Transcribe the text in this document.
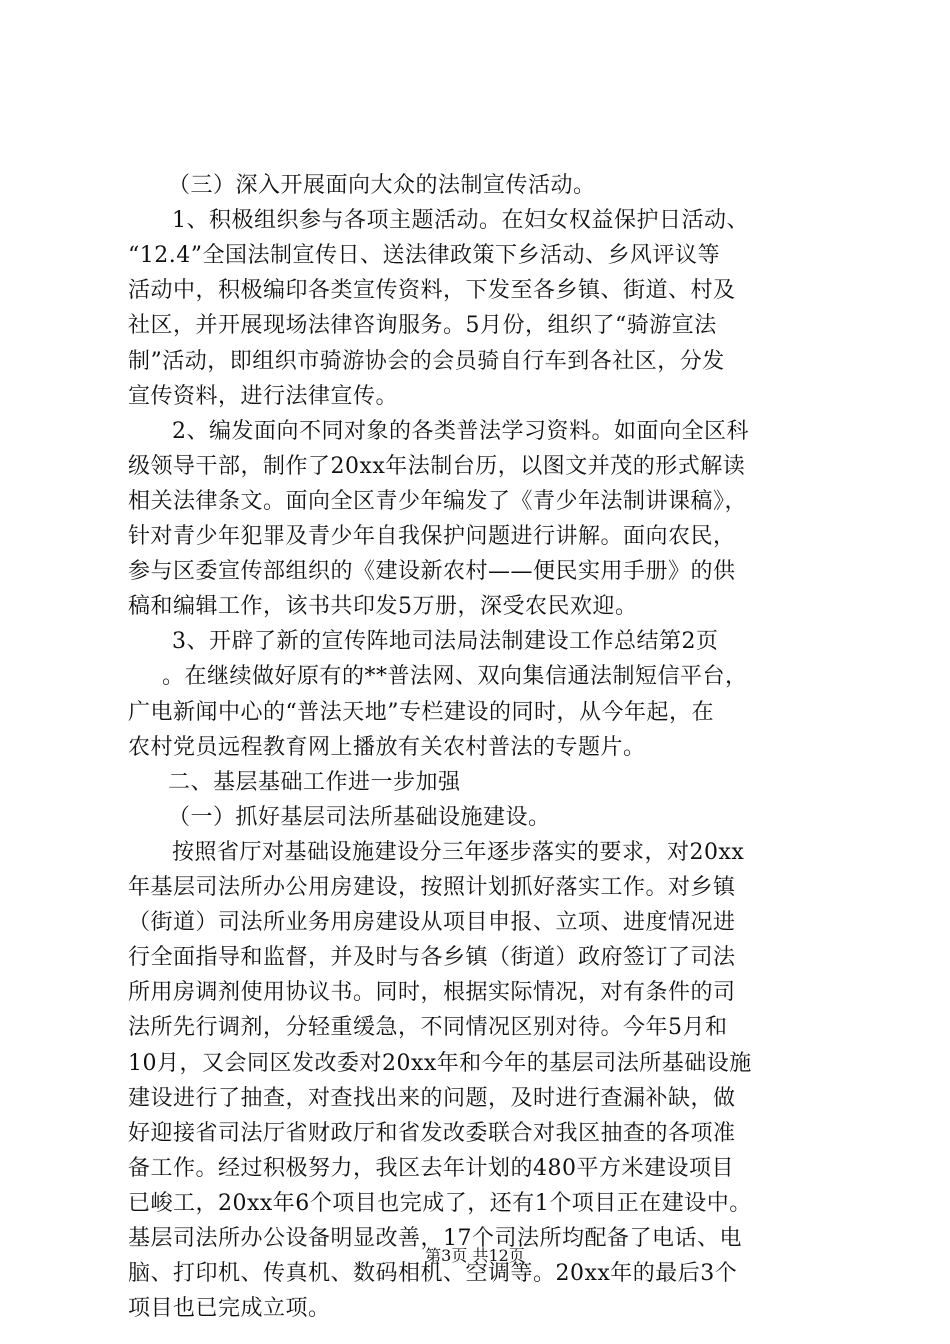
（三）深入开展面向大众的法制宣传活动。
1、积极组织参与各项主题活动。在妇女权益保护日活动、
“12.4”全国法制宣传日、送法律政策下乡活动、乡风评议等
活动中，积极编印各类宣传资料，下发至各乡镇、街道、村及
社区，并开展现场法律咨询服务。5月份，组织了“骑游宣法
制”活动，即组织市骑游协会的会员骑自行车到各社区，分发
宣传资料，进行法律宣传。
2、编发面向不同对象的各类普法学习资料。如面向全区科
级领导干部，制作了20xx年法制台历，以图文并茂的形式解读
相关法律条文。面向全区青少年编发了《青少年法制讲课稿》，
针对青少年犯罪及青少年自我保护问题进行讲解。面向农民，
参与区委宣传部组织的《建设新农村——便民实用手册》的供
稿和编辑工作，该书共印发5万册，深受农民欢迎。
3、开辟了新的宣传阵地司法局法制建设工作总结第2页
。在继续做好原有的**普法网、双向集信通法制短信平台，
广电新闻中心的“普法天地”专栏建设的同时，从今年起，在
农村党员远程教育网上播放有关农村普法的专题片。
二、基层基础工作进一步加强
（一）抓好基层司法所基础设施建设。
按照省厅对基础设施建设分三年逐步落实的要求，对20xx
年基层司法所办公用房建设，按照计划抓好落实工作。对乡镇
（街道）司法所业务用房建设从项目申报、立项、进度情况进
行全面指导和监督，并及时与各乡镇（街道）政府签订了司法
所用房调剂使用协议书。同时，根据实际情况，对有条件的司
法所先行调剂，分轻重缓急，不同情况区别对待。今年5月和
10月，又会同区发改委对20xx年和今年的基层司法所基础设施
建设进行了抽查，对查找出来的问题，及时进行查漏补缺，做
好迎接省司法厅省财政厅和省发改委联合对我区抽查的各项准
备工作。经过积极努力，我区去年计划的480平方米建设项目
已峻工，20xx年6个项目也完成了，还有1个项目正在建设中。
基层司法所办公设备明显改善，17个司法所均配备了电话、电
脑、打印机、传真机、数码相机、空调等。20xx年的最后3个
项目也已完成立项。
第3页 共12页
